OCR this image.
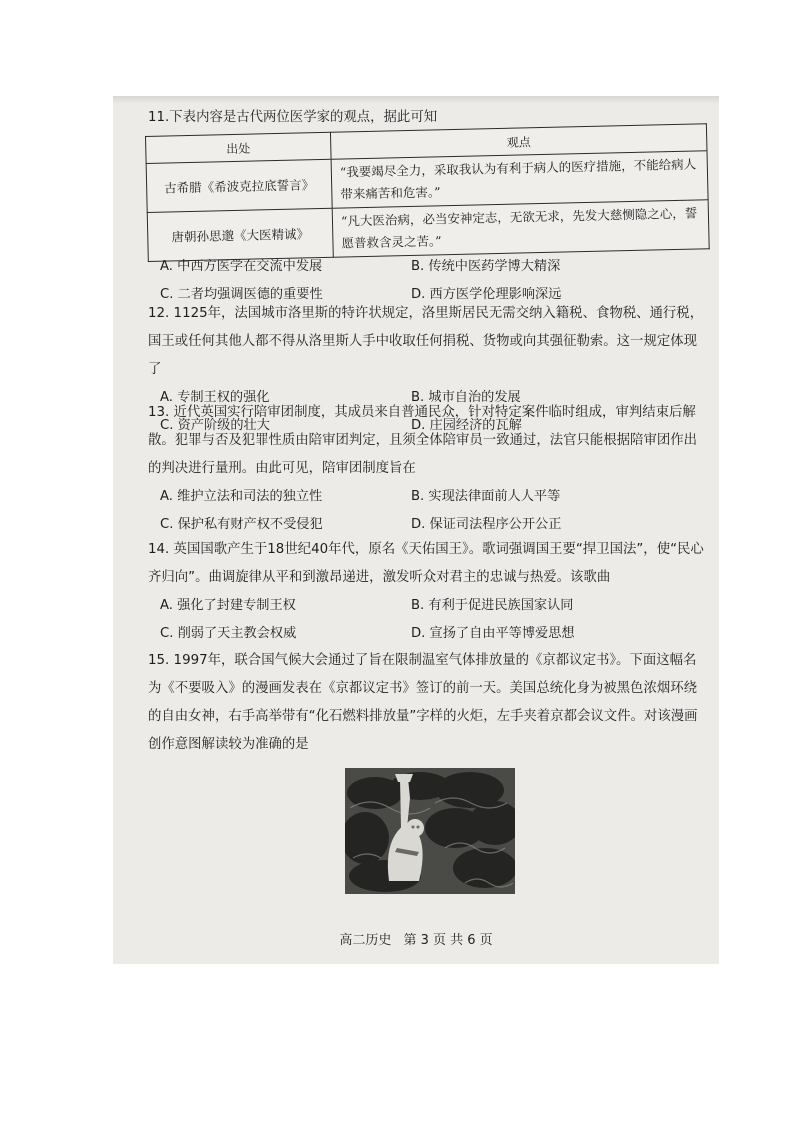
11.下表内容是古代两位医学家的观点，据此可知

出处	观点
古希腊《希波克拉底誓言》	“我要竭尽全力，采取我认为有利于病人的医疗措施，不能给病人带来痛苦和危害。”
唐朝孙思邈《大医精诚》	“凡大医治病，必当安神定志，无欲无求，先发大慈恻隐之心，誓愿普救含灵之苦。”
A. 中西方医学在交流中发展	B. 传统中医药学博大精深
C. 二者均强调医德的重要性	D. 西方医学伦理影响深远

12. 1125年，法国城市洛里斯的特许状规定，洛里斯居民无需交纳入籍税、食物税、通行税，国王或任何其他人都不得从洛里斯人手中收取任何捐税、货物或向其强征勒索。这一规定体现了

A. 专制王权的强化	B. 城市自治的发展
C. 资产阶级的壮大	D. 庄园经济的瓦解

13. 近代英国实行陪审团制度，其成员来自普通民众，针对特定案件临时组成，审判结束后解散。犯罪与否及犯罪性质由陪审团判定，且须全体陪审员一致通过，法官只能根据陪审团作出的判决进行量刑。由此可见，陪审团制度旨在

A. 维护立法和司法的独立性	B. 实现法律面前人人平等
C. 保护私有财产权不受侵犯	D. 保证司法程序公开公正

14. 英国国歌产生于18世纪40年代，原名《天佑国王》。歌词强调国王要“捍卫国法”，使“民心齐归向”。曲调旋律从平和到激昂递进，激发听众对君主的忠诚与热爱。该歌曲

A. 强化了封建专制王权	B. 有利于促进民族国家认同
C. 削弱了天主教会权威	D. 宣扬了自由平等博爱思想

15. 1997年，联合国气候大会通过了旨在限制温室气体排放量的《京都议定书》。下面这幅名为《不要吸入》的漫画发表在《京都议定书》签订的前一天。美国总统化身为被黑色浓烟环绕的自由女神，右手高举带有“化石燃料排放量”字样的火炬，左手夹着京都会议文件。对该漫画创作意图解读较为准确的是

高二历史 第 3 页 共 6 页
